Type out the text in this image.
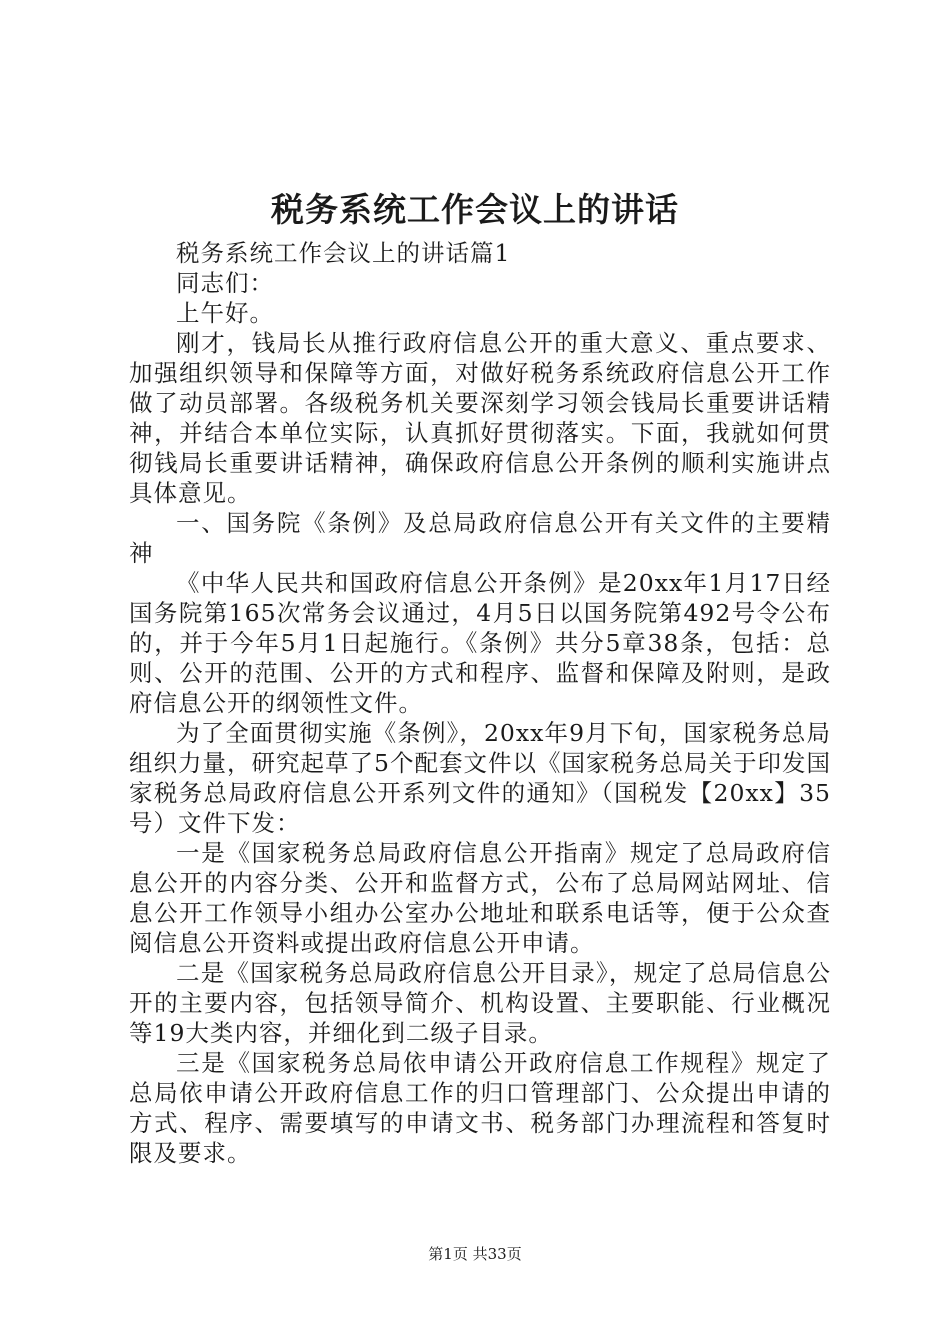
税务系统工作会议上的讲话

税务系统工作会议上的讲话篇1

同志们：

上午好。

刚才，钱局长从推行政府信息公开的重大意义、重点要求、加强组织领导和保障等方面，对做好税务系统政府信息公开工作做了动员部署。各级税务机关要深刻学习领会钱局长重要讲话精神，并结合本单位实际，认真抓好贯彻落实。下面，我就如何贯彻钱局长重要讲话精神，确保政府信息公开条例的顺利实施讲点具体意见。

一、国务院《条例》及总局政府信息公开有关文件的主要精神

《中华人民共和国政府信息公开条例》是20xx年1月17日经国务院第165次常务会议通过，4月5日以国务院第492号令公布的，并于今年5月1日起施行。《条例》共分5章38条，包括：总则、公开的范围、公开的方式和程序、监督和保障及附则，是政府信息公开的纲领性文件。

为了全面贯彻实施《条例》，20xx年9月下旬，国家税务总局组织力量，研究起草了5个配套文件以《国家税务总局关于印发国家税务总局政府信息公开系列文件的通知》（国税发【20xx】35号）文件下发：

一是《国家税务总局政府信息公开指南》规定了总局政府信息公开的内容分类、公开和监督方式，公布了总局网站网址、信息公开工作领导小组办公室办公地址和联系电话等，便于公众查阅信息公开资料或提出政府信息公开申请。

二是《国家税务总局政府信息公开目录》，规定了总局信息公开的主要内容，包括领导简介、机构设置、主要职能、行业概况等19大类内容，并细化到二级子目录。

三是《国家税务总局依申请公开政府信息工作规程》规定了总局依申请公开政府信息工作的归口管理部门、公众提出申请的方式、程序、需要填写的申请文书、税务部门办理流程和答复时限及要求。

第1页 共33页
